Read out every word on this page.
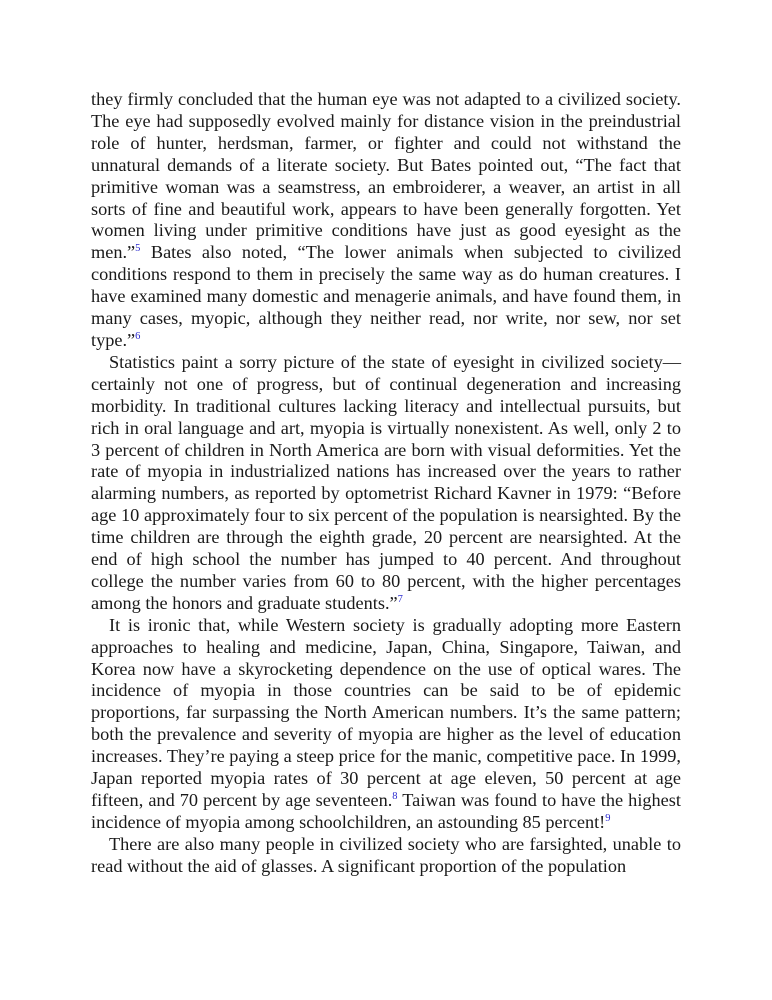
they firmly concluded that the human eye was not adapted to a civilized society. The eye had supposedly evolved mainly for distance vision in the preindustrial role of hunter, herdsman, farmer, or fighter and could not withstand the unnatural demands of a literate society. But Bates pointed out, “The fact that primitive woman was a seamstress, an embroiderer, a weaver, an artist in all sorts of fine and beautiful work, appears to have been generally forgotten. Yet women living under primitive conditions have just as good eyesight as the men.”$^5$ Bates also noted, “The lower animals when subjected to civilized conditions respond to them in precisely the same way as do human creatures. I have examined many domestic and menagerie animals, and have found them, in many cases, myopic, although they neither read, nor write, nor sew, nor set type.”$^6$

Statistics paint a sorry picture of the state of eyesight in civilized society—certainly not one of progress, but of continual degeneration and increasing morbidity. In traditional cultures lacking literacy and intellectual pursuits, but rich in oral language and art, myopia is virtually nonexistent. As well, only 2 to 3 percent of children in North America are born with visual deformities. Yet the rate of myopia in industrialized nations has increased over the years to rather alarming numbers, as reported by optometrist Richard Kavner in 1979: “Before age 10 approximately four to six percent of the population is nearsighted. By the time children are through the eighth grade, 20 percent are nearsighted. At the end of high school the number has jumped to 40 percent. And throughout college the number varies from 60 to 80 percent, with the higher percentages among the honors and graduate students.”$^7$

It is ironic that, while Western society is gradually adopting more Eastern approaches to healing and medicine, Japan, China, Singapore, Taiwan, and Korea now have a skyrocketing dependence on the use of optical wares. The incidence of myopia in those countries can be said to be of epidemic proportions, far surpassing the North American numbers. It’s the same pattern; both the prevalence and severity of myopia are higher as the level of education increases. They’re paying a steep price for the manic, competitive pace. In 1999, Japan reported myopia rates of 30 percent at age eleven, 50 percent at age fifteen, and 70 percent by age seventeen.$^8$ Taiwan was found to have the highest incidence of myopia among schoolchildren, an astounding 85 percent!$^9$

There are also many people in civilized society who are farsighted, unable to read without the aid of glasses. A significant proportion of the population
